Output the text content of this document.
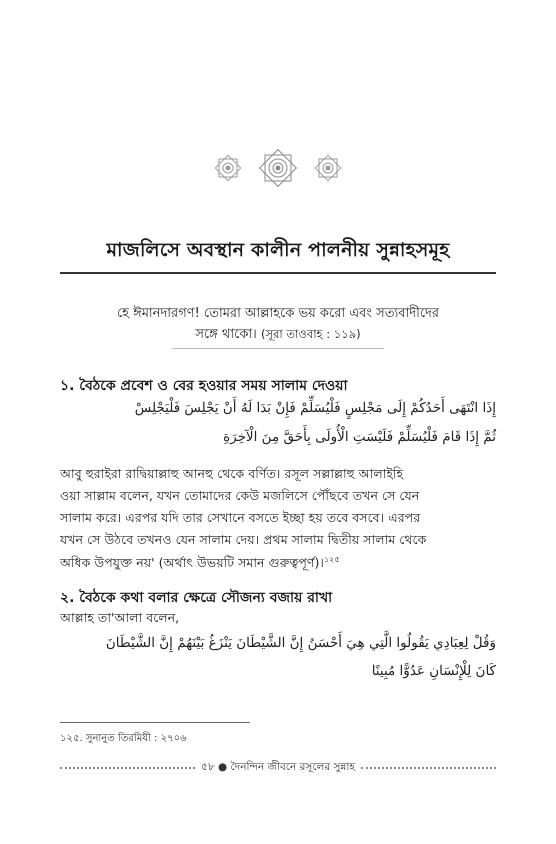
মাজলিসে অবস্থান কালীন পালনীয় সুন্নাহসমূহ
হে ঈমানদারগণ! তোমরা আল্লাহকে ভয় করো এবং সত্যবাদীদের
সঙ্গে থাকো। (সূরা তাওবাহ : ১১৯)
১. বৈঠকে প্রবেশ ও বের হওয়ার সময় সালাম দেওয়া
إِذَا انْتَهَى أَحَدُكُمْ إِلَى مَجْلِسٍ فَلْيُسَلِّمْ فَإِنْ بَدَا لَهُ أَنْ يَجْلِسَ فَلْيَجْلِسْ
ثُمَّ إِذَا قَامَ فَلْيُسَلِّمْ فَلَيْسَتِ الْأُولَى بِأَحَقَّ مِنَ الْآخِرَةِ
আবু হুরাইরা রাদ্বিয়াল্লাহু আনহু থেকে বর্ণিত। রসূল সল্লাল্লাহু আলাইহি
ওয়া সাল্লাম বলেন, যখন তোমাদের কেউ মজলিসে পৌঁছবে তখন সে যেন
সালাম করে। এরপর যদি তার সেখানে বসতে ইচ্ছা হয় তবে বসবে। এরপর
যখন সে উঠবে তখনও যেন সালাম দেয়। প্রথম সালাম দ্বিতীয় সালাম থেকে
অধিক উপযুক্ত নয়' (অর্থাৎ উভয়টি সমান গুরুত্বপূর্ণ)।$^{১২৫}$
২. বৈঠকে কথা বলার ক্ষেত্রে সৌজন্য বজায় রাখা
আল্লাহ তা'আলা বলেন,
وَقُلْ لِعِبَادِي يَقُولُوا الَّتِي هِيَ أَحْسَنُ إِنَّ الشَّيْطَانَ يَنْزَغُ بَيْنَهُمْ إِنَّ الشَّيْطَانَ
كَانَ لِلْإِنْسَانِ عَدُوًّا مُبِينًا
১২৫. সুনানুত তিরমিযী : ২৭০৬
৫৮ ● দৈনন্দিন জীবনে রসূলের সুন্নাহ
